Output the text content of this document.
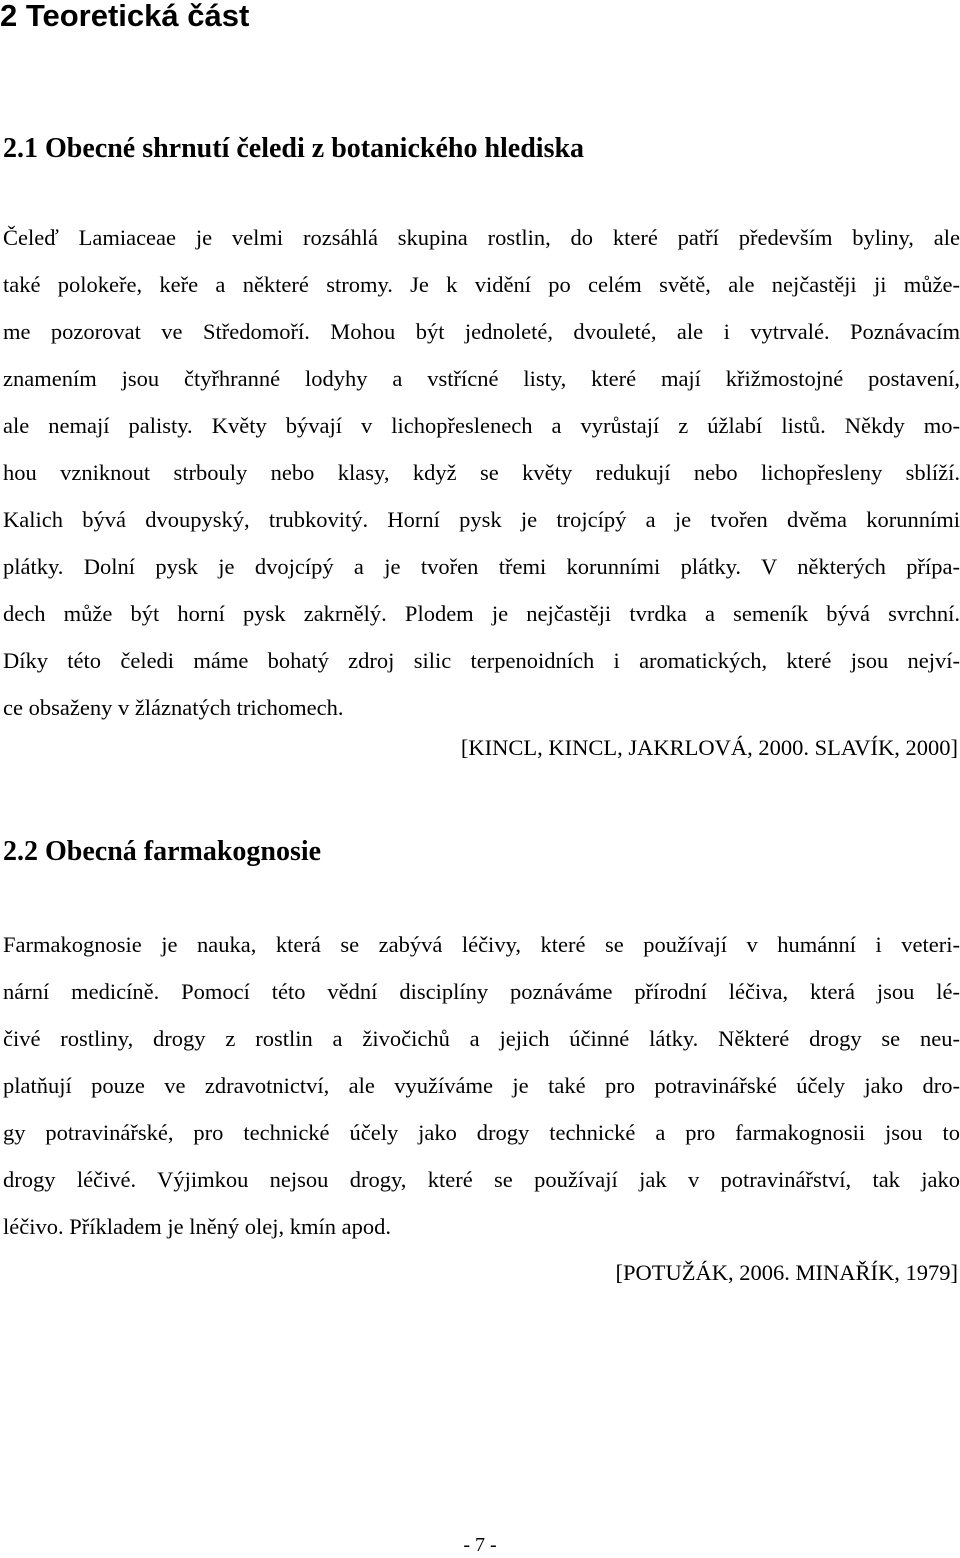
2 Teoretická část
2.1 Obecné shrnutí čeledi z botanického hlediska
Čeleď Lamiaceae je velmi rozsáhlá skupina rostlin, do které patří především byliny, ale
také polokeře, keře a některé stromy. Je k vidění po celém světě, ale nejčastěji ji může-
me pozorovat ve Středomoří. Mohou být jednoleté, dvouleté, ale i vytrvalé. Poznávacím
znamením jsou čtyřhranné lodyhy a vstřícné listy, které mají křižmostojné postavení,
ale nemají palisty. Květy bývají v lichopřeslenech a vyrůstají z úžlabí listů. Někdy mo-
hou vzniknout strbouly nebo klasy, když se květy redukují nebo lichopřesleny sblíží.
Kalich bývá dvoupyský, trubkovitý. Horní pysk je trojcípý a je tvořen dvěma korunními
plátky. Dolní pysk je dvojcípý a je tvořen třemi korunními plátky. V některých přípa-
dech může být horní pysk zakrnělý. Plodem je nejčastěji tvrdka a semeník bývá svrchní.
Díky této čeledi máme bohatý zdroj silic terpenoidních i aromatických, které jsou nejví-
ce obsaženy v žláznatých trichomech.
[KINCL, KINCL, JAKRLOVÁ, 2000. SLAVÍK, 2000]
2.2 Obecná farmakognosie
Farmakognosie je nauka, která se zabývá léčivy, které se používají v humánní i veteri-
nární medicíně. Pomocí této vědní disciplíny poznáváme přírodní léčiva, která jsou lé-
čivé rostliny, drogy z rostlin a živočichů a jejich účinné látky. Některé drogy se neu-
platňují pouze ve zdravotnictví, ale využíváme je také pro potravinářské účely jako dro-
gy potravinářské, pro technické účely jako drogy technické a pro farmakognosii jsou to
drogy léčivé. Výjimkou nejsou drogy, které se používají jak v potravinářství, tak jako
léčivo. Příkladem je lněný olej, kmín apod.
[POTUŽÁK, 2006. MINAŘÍK, 1979]
- 7 -
